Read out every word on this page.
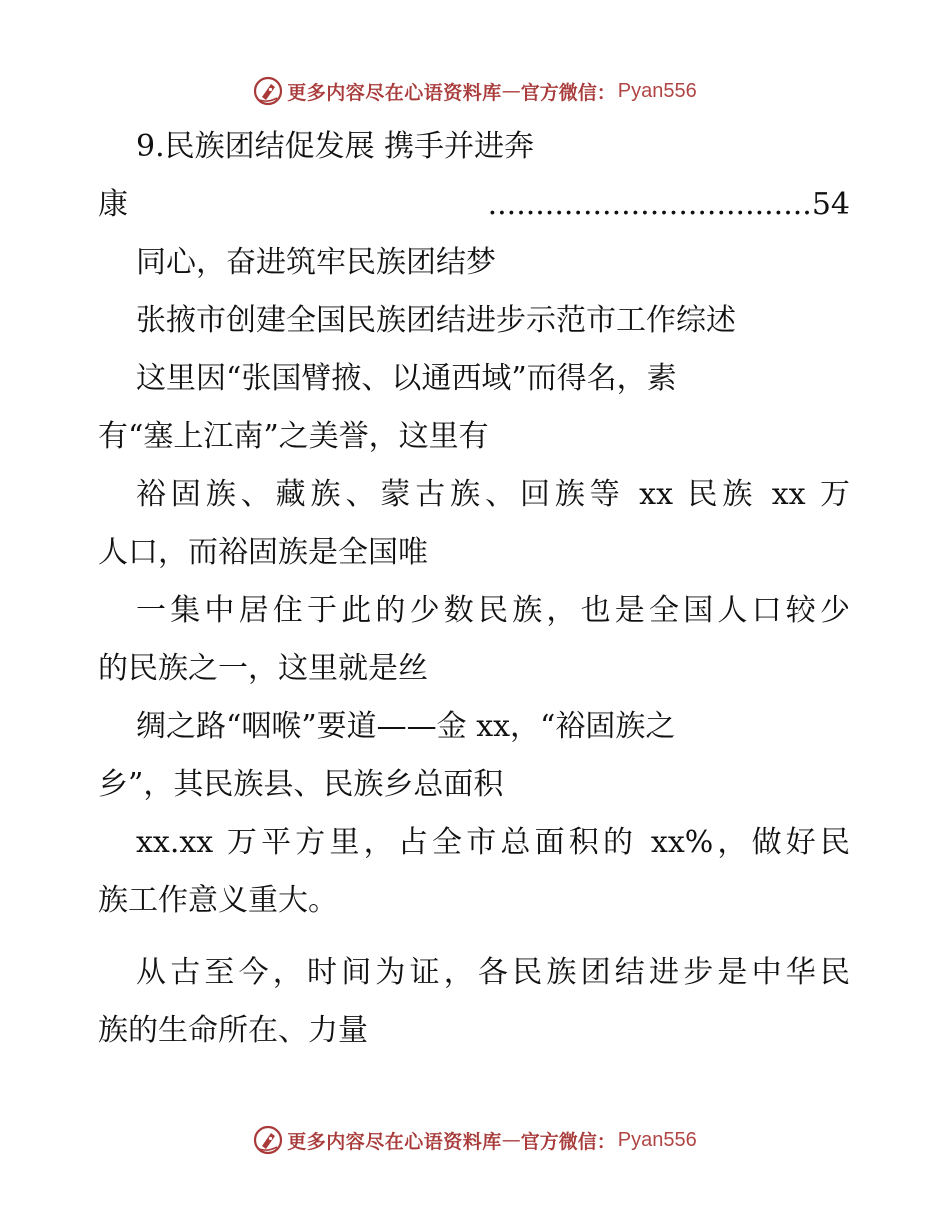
更多内容尽在心语资料库 — 官方微信： Pyan556
9.民族团结促发展 携手并进奔
康..................................54
同心，奋进筑牢民族团结梦
张掖市创建全国民族团结进步示范市工作综述
这里因“张国臂掖、以通西域”而得名，素
有“塞上江南”之美誉，这里有
裕固族、藏族、蒙古族、回族等 xx 民族 xx 万
人口，而裕固族是全国唯
一集中居住于此的少数民族，也是全国人口较少
的民族之一，这里就是丝
绸之路“咽喉”要道——金 xx，“裕固族之
乡”，其民族县、民族乡总面积
xx.xx 万平方里，占全市总面积的 xx%，做好民
族工作意义重大。
从古至今，时间为证，各民族团结进步是中华民
族的生命所在、力量
更多内容尽在心语资料库 — 官方微信： Pyan556
